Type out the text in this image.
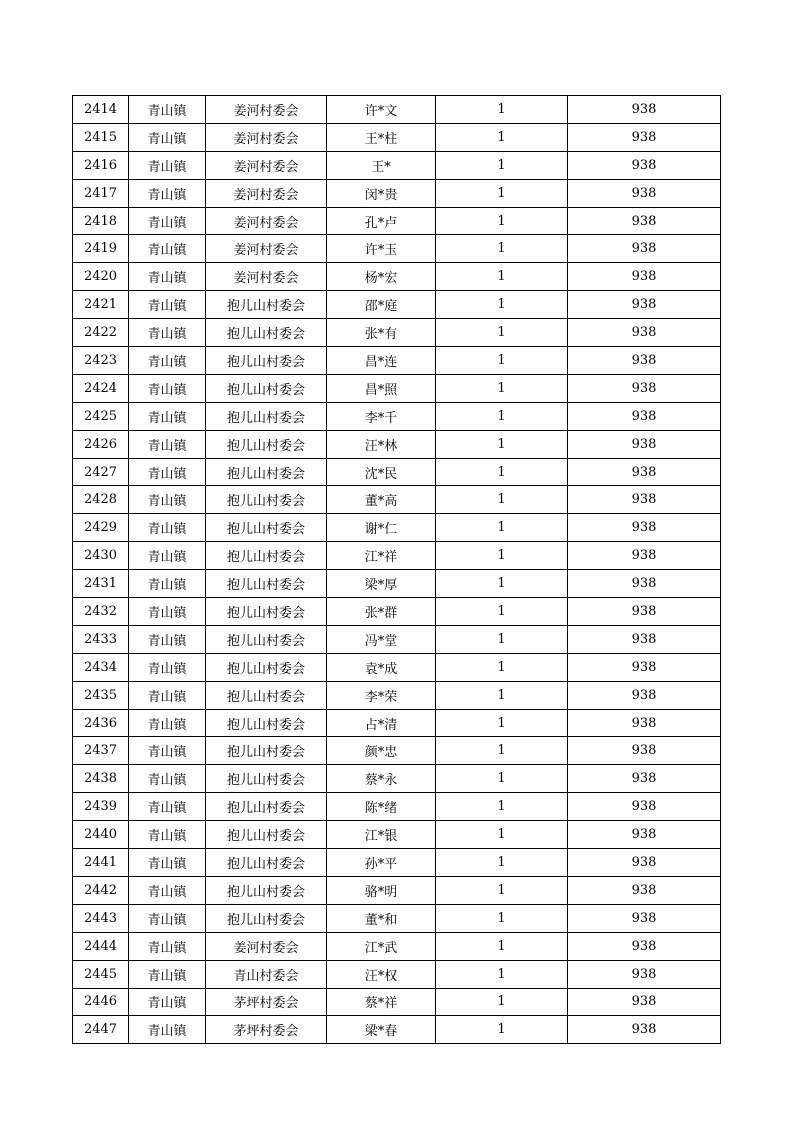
2414	青山镇	姜河村委会	许*文	1	938
2415	青山镇	姜河村委会	王*柱	1	938
2416	青山镇	姜河村委会	王*	1	938
2417	青山镇	姜河村委会	闵*贵	1	938
2418	青山镇	姜河村委会	孔*卢	1	938
2419	青山镇	姜河村委会	许*玉	1	938
2420	青山镇	姜河村委会	杨*宏	1	938
2421	青山镇	抱儿山村委会	邵*庭	1	938
2422	青山镇	抱儿山村委会	张*有	1	938
2423	青山镇	抱儿山村委会	昌*连	1	938
2424	青山镇	抱儿山村委会	昌*照	1	938
2425	青山镇	抱儿山村委会	李*千	1	938
2426	青山镇	抱儿山村委会	汪*林	1	938
2427	青山镇	抱儿山村委会	沈*民	1	938
2428	青山镇	抱儿山村委会	董*高	1	938
2429	青山镇	抱儿山村委会	谢*仁	1	938
2430	青山镇	抱儿山村委会	江*祥	1	938
2431	青山镇	抱儿山村委会	梁*厚	1	938
2432	青山镇	抱儿山村委会	张*群	1	938
2433	青山镇	抱儿山村委会	冯*堂	1	938
2434	青山镇	抱儿山村委会	袁*成	1	938
2435	青山镇	抱儿山村委会	李*荣	1	938
2436	青山镇	抱儿山村委会	占*清	1	938
2437	青山镇	抱儿山村委会	颜*忠	1	938
2438	青山镇	抱儿山村委会	蔡*永	1	938
2439	青山镇	抱儿山村委会	陈*绪	1	938
2440	青山镇	抱儿山村委会	江*银	1	938
2441	青山镇	抱儿山村委会	孙*平	1	938
2442	青山镇	抱儿山村委会	骆*明	1	938
2443	青山镇	抱儿山村委会	董*和	1	938
2444	青山镇	姜河村委会	江*武	1	938
2445	青山镇	青山村委会	汪*权	1	938
2446	青山镇	茅坪村委会	蔡*祥	1	938
2447	青山镇	茅坪村委会	梁*春	1	938
